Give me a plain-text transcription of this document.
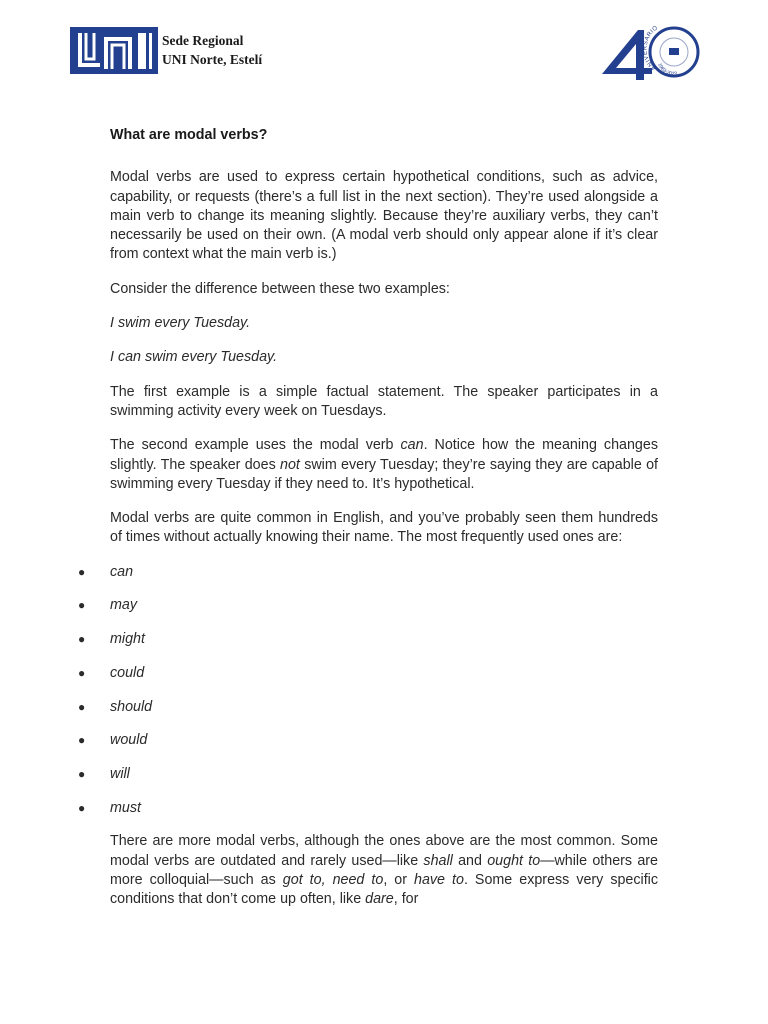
Sede Regional
UNI Norte, Estelí
ANIVERSARIO
1983-2023
What are modal verbs?

Modal verbs are used to express certain hypothetical conditions, such as advice, capability, or requests (there’s a full list in the next section). They’re used alongside a main verb to change its meaning slightly. Because they’re auxiliary verbs, they can’t necessarily be used on their own. (A modal verb should only appear alone if it’s clear from context what the main verb is.)

Consider the difference between these two examples:

I swim every Tuesday.

I can swim every Tuesday.

The first example is a simple factual statement. The speaker participates in a swimming activity every week on Tuesdays.

The second example uses the modal verb can. Notice how the meaning changes slightly. The speaker does not swim every Tuesday; they’re saying they are capable of swimming every Tuesday if they need to. It’s hypothetical.

Modal verbs are quite common in English, and you’ve probably seen them hundreds of times without actually knowing their name. The most frequently used ones are:

● can
● may
● might
● could
● should
● would
● will
● must

There are more modal verbs, although the ones above are the most common. Some modal verbs are outdated and rarely used—like shall and ought to—while others are more colloquial—such as got to, need to, or have to. Some express very specific conditions that don’t come up often, like dare, for
